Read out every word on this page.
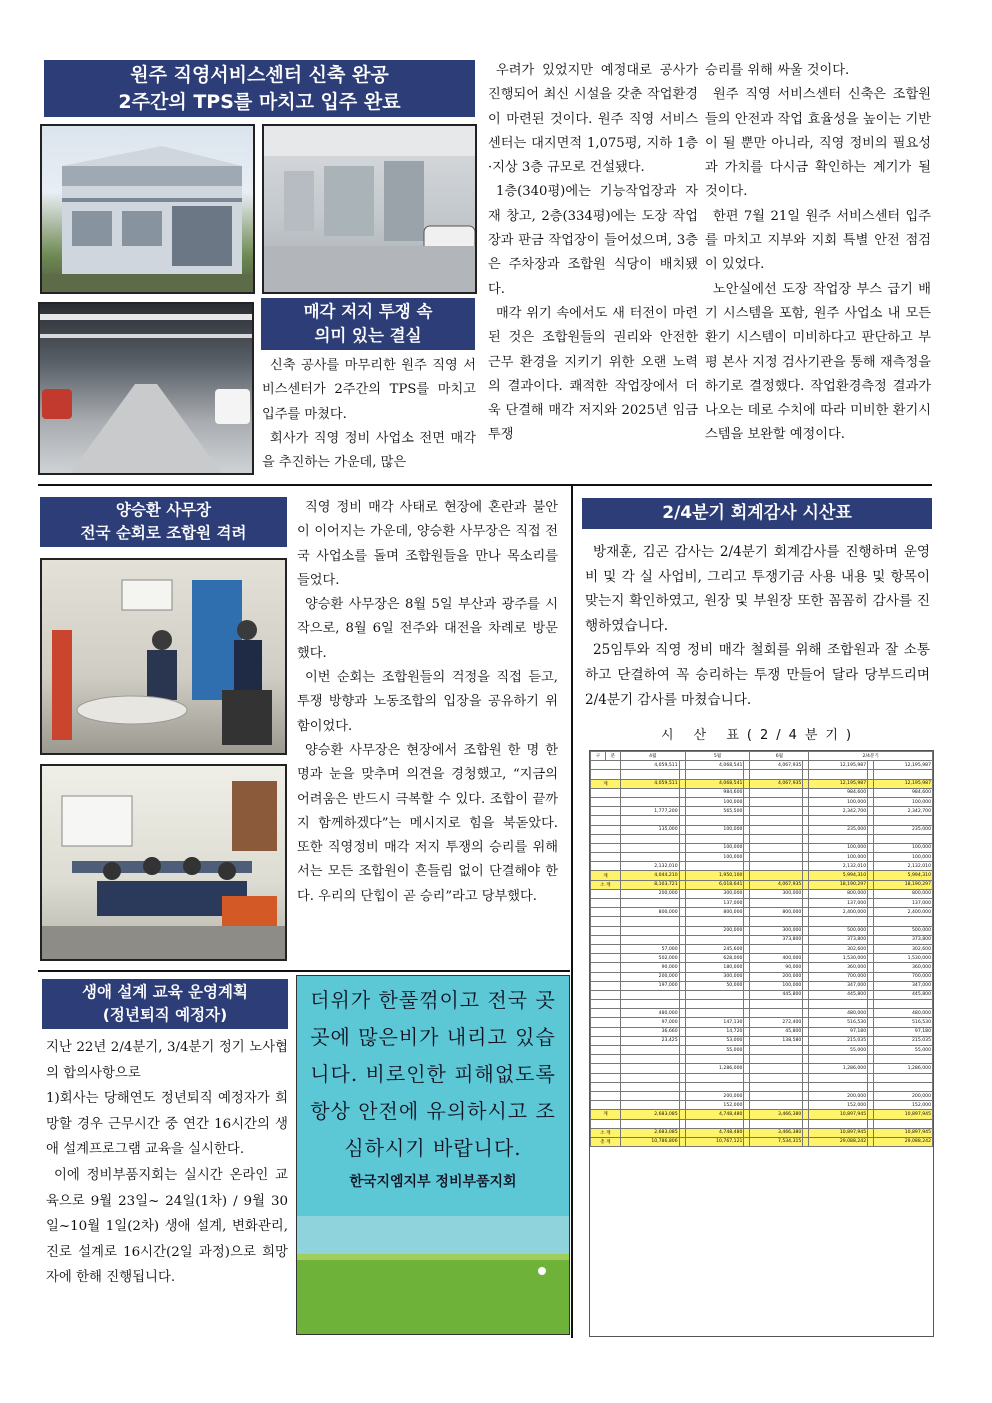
원주 직영서비스센터 신축 완공
2주간의 TPS를 마치고 입주 완료
매각 저지 투쟁 속
의미 있는 결실

신축 공사를 마무리한 원주 직영 서비스센터가 2주간의 TPS를 마치고 입주를 마쳤다.

회사가 직영 정비 사업소 전면 매각을 추진하는 가운데, 많은

우려가 있었지만 예정대로 공사가 진행되어 최신 시설을 갖춘 작업환경이 마련된 것이다. 원주 직영 서비스센터는 대지면적 1,075평, 지하 1층·지상 3층 규모로 건설됐다.

1층(340평)에는 기능작업장과 자재 창고, 2층(334평)에는 도장 작업장과 판금 작업장이 들어섰으며, 3층은 주차장과 조합원 식당이 배치됐다.

매각 위기 속에서도 새 터전이 마련된 것은 조합원들의 권리와 안전한 근무 환경을 지키기 위한 오랜 노력의 결과이다. 쾌적한 작업장에서 더욱 단결해 매각 저지와 2025년 임금 투쟁

승리를 위해 싸울 것이다.

원주 직영 서비스센터 신축은 조합원들의 안전과 작업 효율성을 높이는 기반이 될 뿐만 아니라, 직영 정비의 필요성과 가치를 다시금 확인하는 계기가 될 것이다.

한편 7월 21일 원주 서비스센터 입주를 마치고 지부와 지회 특별 안전 점검이 있었다.

노안실에선 도장 작업장 부스 급기 배기 시스템을 포함, 원주 사업소 내 모든 환기 시스템이 미비하다고 판단하고 부평 본사 지정 검사기관을 통해 재측정을 하기로 결정했다. 작업환경측정 결과가 나오는 데로 수치에 따라 미비한 환기시스템을 보완할 예정이다.

양승환 사무장
전국 순회로 조합원 격려

직영 정비 매각 사태로 현장에 혼란과 불안이 이어지는 가운데, 양승환 사무장은 직접 전국 사업소를 돌며 조합원들을 만나 목소리를 들었다.

양승환 사무장은 8월 5일 부산과 광주를 시작으로, 8월 6일 전주와 대전을 차례로 방문했다.

이번 순회는 조합원들의 걱정을 직접 듣고, 투쟁 방향과 노동조합의 입장을 공유하기 위함이었다.

양승환 사무장은 현장에서 조합원 한 명 한 명과 눈을 맞추며 의견을 경청했고, “지금의 어려움은 반드시 극복할 수 있다. 조합이 끝까지 함께하겠다”는 메시지로 힘을 북돋았다. 또한 직영정비 매각 저지 투쟁의 승리를 위해서는 모든 조합원이 흔들림 없이 단결해야 한다. 우리의 단힙이 곧 승리”라고 당부했다.

생애 설계 교육 운영계획
(정년퇴직 예정자)

지난 22년 2/4분기, 3/4분기 정기 노사협의 합의사항으로

1)회사는 당해연도 정년퇴직 예정자가 희망할 경우 근무시간 중 연간 16시간의 생애 설계프로그램 교육을 실시한다.

이에 정비부품지회는 실시간 온라인 교육으로 9월 23일~ 24일(1차) / 9월 30일~10월 1일(2차) 생애 설계, 변화관리, 진로 설계로 16시간(2일 과정)으로 희망자에 한해 진행됩니다.

더위가 한풀꺾이고 전국 곳곳에 많은비가 내리고 있습니다. 비로인한 피해없도록 항상 안전에 유의하시고 조심하시기 바랍니다.
한국지엠지부 정비부품지회
2/4분기 회계감사 시산표

방재훈, 김곤 감사는 2/4분기 회계감사를 진행하며 운영비 및 각 실 사업비, 그리고 투쟁기금 사용 내용 및 항목이 맞는지 확인하였고, 원장 및 부원장 또한 꼼꼼히 감사를 진행하였습니다.

25임투와 직영 정비 매각 철회를 위해 조합원과 잘 소통하고 단결하여 꼭 승리하는 투쟁 만들어 달라 당부드리며 2/4분기 감사를 마쳤습니다.

시 산 표(2/4분기)
구	분	4월		5월		6월		2/4분기		
		4,059,511		4,068,541		4,067,935		12,195,987		12,195,987

계		4,059,511		4,068,541		4,067,935		12,195,987		12,195,987
				984,600				984,600		984,600
				100,000				100,000		100,000
		1,777,200		565,500				2,342,700		2,342,700

		135,000		100,000				235,000		235,000

				100,000				100,000		100,000
				100,000				100,000		100,000
		2,132,010						2,132,010		2,132,010
계		4,044,210		1,950,100				5,994,310		5,994,310
소 계		8,103,721		6,018,641		4,067,935		18,190,297		18,190,297
		200,000		300,000		300,000		800,000		800,000
				137,000				137,000		137,000
		800,000		800,000		800,000		2,400,000		2,400,000

				200,000		300,000		500,000		500,000
						373,800		373,800		373,800
		57,000		245,600				302,600		302,600
		502,000		628,000		400,000		1,530,000		1,530,000
		90,000		180,000		90,000		360,000		360,000
		200,000		300,000		200,000		700,000		700,000
		197,000		50,000		100,000		347,000		347,000
						445,800		445,800		445,800

		480,000						480,000		480,000
		97,000		147,130		272,400		516,530		516,530
		36,660		14,720		45,800		97,180		97,180
		23,425		53,000		138,580		215,035		215,035
				55,000				55,000		55,000

				1,286,000				1,286,000		1,286,000

				200,000				200,000		200,000
				152,000				152,000		152,000
계		2,683,085		4,748,480		3,466,380		10,897,945		10,897,945

소 계		2,683,085		4,748,480		3,466,380		10,897,945		10,897,945
총 계		10,786,806		10,767,121		7,534,315		29,088,242		29,088,242
